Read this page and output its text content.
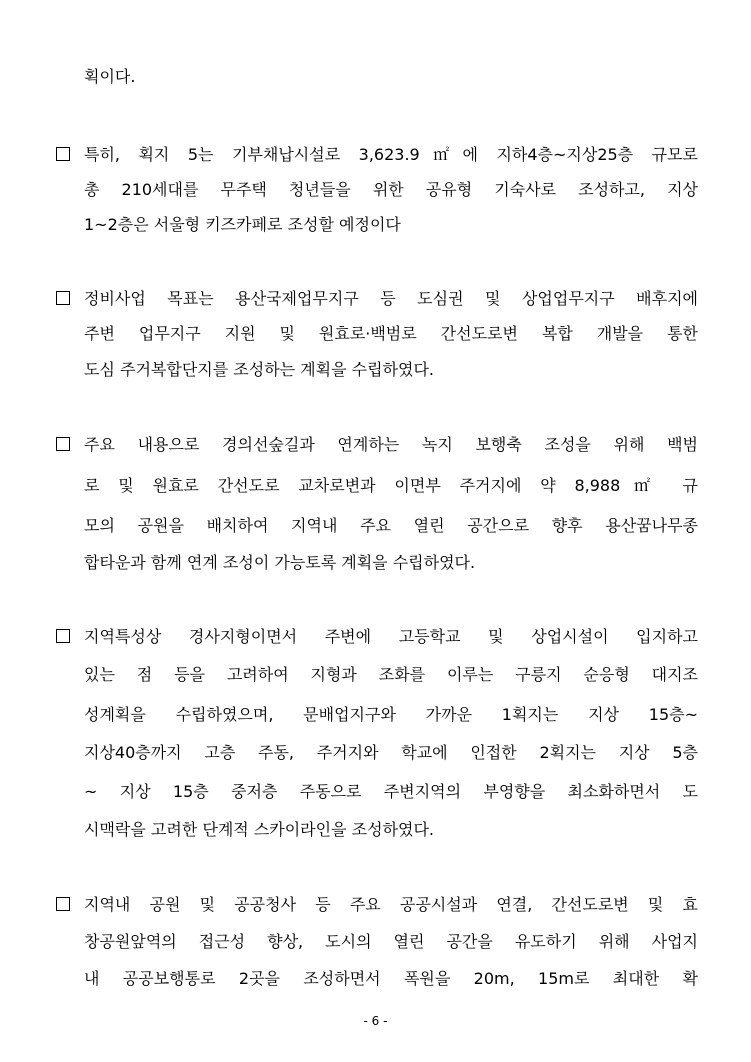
획이다.
특히, 획지 5는 기부채납시설로 3,623.9㎡에 지하4층~지상25층 규모로
총 210세대를 무주택 청년들을 위한 공유형 기숙사로 조성하고, 지상
1~2층은 서울형 키즈카페로 조성할 예정이다
정비사업 목표는 용산국제업무지구 등 도심권 및 상업업무지구 배후지에
주변 업무지구 지원 및 원효로·백범로 간선도로변 복합 개발을 통한
도심 주거복합단지를 조성하는 계획을 수립하였다.
주요 내용으로 경의선숲길과 연계하는 녹지 보행축 조성을 위해 백범
로 및 원효로 간선도로 교차로변과 이면부 주거지에 약 8,988㎡ 규
모의 공원을 배치하여 지역내 주요 열린 공간으로 향후 용산꿈나무종
합타운과 함께 연계 조성이 가능토록 계획을 수립하였다.
지역특성상 경사지형이면서 주변에 고등학교 및 상업시설이 입지하고
있는 점 등을 고려하여 지형과 조화를 이루는 구릉지 순응형 대지조
성계획을 수립하였으며, 문배업지구와 가까운 1획지는 지상 15층~
지상40층까지 고층 주동, 주거지와 학교에 인접한 2획지는 지상 5층
~ 지상 15층 중저층 주동으로 주변지역의 부영향을 최소화하면서 도
시맥락을 고려한 단계적 스카이라인을 조성하였다.
지역내 공원 및 공공청사 등 주요 공공시설과 연결, 간선도로변 및 효
창공원앞역의 접근성 향상, 도시의 열린 공간을 유도하기 위해 사업지
내 공공보행통로 2곳을 조성하면서 폭원을 20m, 15m로 최대한 확
- 6 -
